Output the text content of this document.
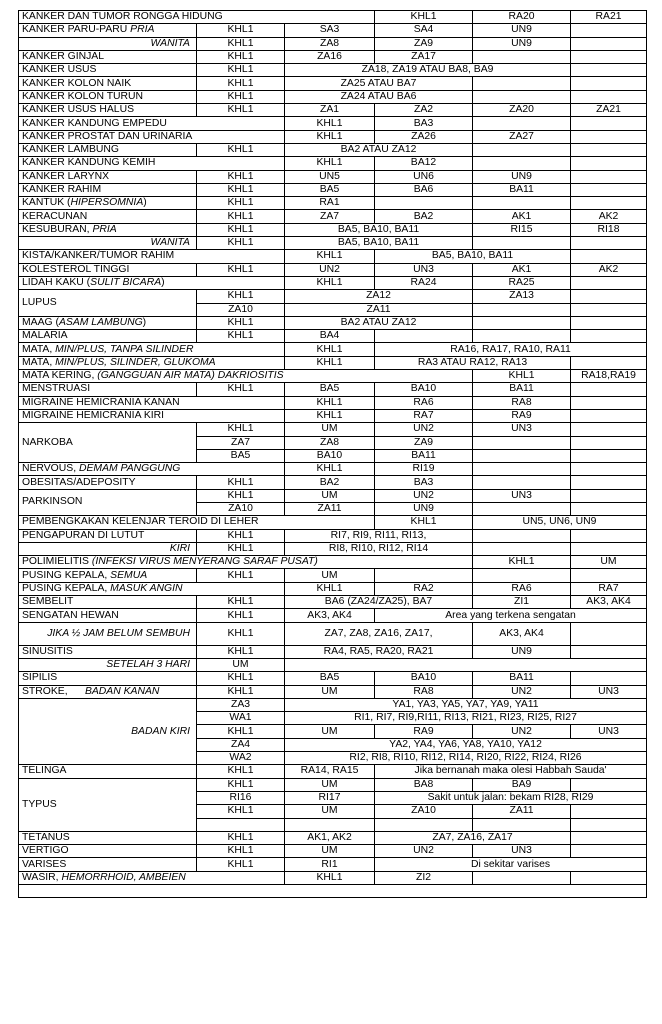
KANKER DAN TUMOR RONGGA HIDUNG			KHL1	RA20	RA21
KANKER PARU-PARU PRIA	KHL1	SA3	SA4	UN9	
WANITA	KHL1	ZA8	ZA9	UN9	
KANKER GINJAL	KHL1	ZA16	ZA17		
KANKER USUS	KHL1	ZA18, ZA19 ATAU BA8, BA9			
KANKER KOLON NAIK	KHL1	ZA25 ATAU BA7			
KANKER KOLON TURUN	KHL1	ZA24 ATAU BA6			
KANKER USUS HALUS	KHL1	ZA1	ZA2	ZA20	ZA21
KANKER KANDUNG EMPEDU		KHL1	BA3		
KANKER PROSTAT DAN URINARIA		KHL1	ZA26	ZA27	
KANKER LAMBUNG	KHL1	BA2 ATAU ZA12			
KANKER KANDUNG KEMIH		KHL1	BA12		
KANKER LARYNX	KHL1	UN5	UN6	UN9	
KANKER RAHIM	KHL1	BA5	BA6	BA11	
KANTUK (HIPERSOMNIA)	KHL1	RA1			
KERACUNAN	KHL1	ZA7	BA2	AK1	AK2
KESUBURAN, PRIA	KHL1	BA5, BA10, BA11		RI15	RI18
WANITA	KHL1	BA5, BA10, BA11			
KISTA/KANKER/TUMOR RAHIM		KHL1	BA5, BA10, BA11		
KOLESTEROL TINGGI	KHL1	UN2	UN3	AK1	AK2
LIDAH KAKU (SULIT BICARA)		KHL1	RA24	RA25	
LUPUS	KHL1	ZA12		ZA13	
	ZA10	ZA11			
MAAG (ASAM LAMBUNG)	KHL1	BA2 ATAU ZA12			
MALARIA	KHL1	BA4			
MATA, MIN/PLUS, TANPA SILINDER		KHL1	RA16, RA17, RA10, RA11		
MATA, MIN/PLUS, SILINDER, GLUKOMA		KHL1	RA3 ATAU RA12, RA13		
MATA KERING, (GANGGUAN AIR MATA) DAKRIOSITIS				KHL1	RA18,RA19
MENSTRUASI	KHL1	BA5	BA10	BA11	
MIGRAINE HEMICRANIA KANAN		KHL1	RA6	RA8	
MIGRAINE HEMICRANIA KIRI		KHL1	RA7	RA9	
NARKOBA	KHL1	UM	UN2	UN3	
	ZA7	ZA8	ZA9		
	BA5	BA10	BA11		
NERVOUS, DEMAM PANGGUNG		KHL1	RI19		
OBESITAS/ADEPOSITY	KHL1	BA2	BA3		
PARKINSON	KHL1	UM	UN2	UN3	
	ZA10	ZA11	UN9		
PEMBENGKAKAN KELENJAR TEROID DI LEHER			KHL1	UN5, UN6, UN9	
PENGAPURAN DI LUTUT	KHL1	RI7, RI9, RI11, RI13,			
KIRI	KHL1	RI8, RI10, RI12, RI14			
POLIMIELITIS (INFEKSI VIRUS MENYERANG SARAF PUSAT)				KHL1	UM
PUSING KEPALA, SEMUA	KHL1	UM			
PUSING KEPALA, MASUK ANGIN		KHL1	RA2	RA6	RA7
SEMBELIT	KHL1	BA6 (ZA24/ZA25), BA7		ZI1	AK3, AK4
SENGATAN HEWAN	KHL1	AK3, AK4	Area yang terkena sengatan		
JIKA ½ JAM BELUM SEMBUH	KHL1	ZA7, ZA8, ZA16, ZA17,		AK3, AK4	
SINUSITIS	KHL1	RA4, RA5, RA20, RA21		UN9	
SETELAH 3 HARI	UM				
SIPILIS	KHL1	BA5	BA10	BA11	
STROKE,      BADAN KANAN	KHL1	UM	RA8	UN2	UN3
BADAN KIRI	ZA3	YA1, YA3, YA5, YA7, YA9, YA11			
	WA1	RI1, RI7, RI9,RI11, RI13, RI21, RI23, RI25, RI27			
	KHL1	UM	RA9	UN2	UN3
	ZA4	YA2, YA4, YA6, YA8, YA10, YA12			
	WA2	RI2, RI8, RI10, RI12, RI14, RI20, RI22, RI24, RI26			
TELINGA	KHL1	RA14, RA15	Jika bernanah maka olesi Habbah Sauda'		
TYPUS	KHL1	UM	BA8	BA9	
	RI16	RI17	Sakit untuk jalan: bekam RI28, RI29		
	KHL1	UM	ZA10	ZA11	

TETANUS	KHL1	AK1, AK2	ZA7, ZA16, ZA17		
VERTIGO	KHL1	UM	UN2	UN3	
VARISES	KHL1	RI1	Di sekitar varises		
WASIR, HEMORRHOID, AMBEIEN		KHL1	ZI2		
